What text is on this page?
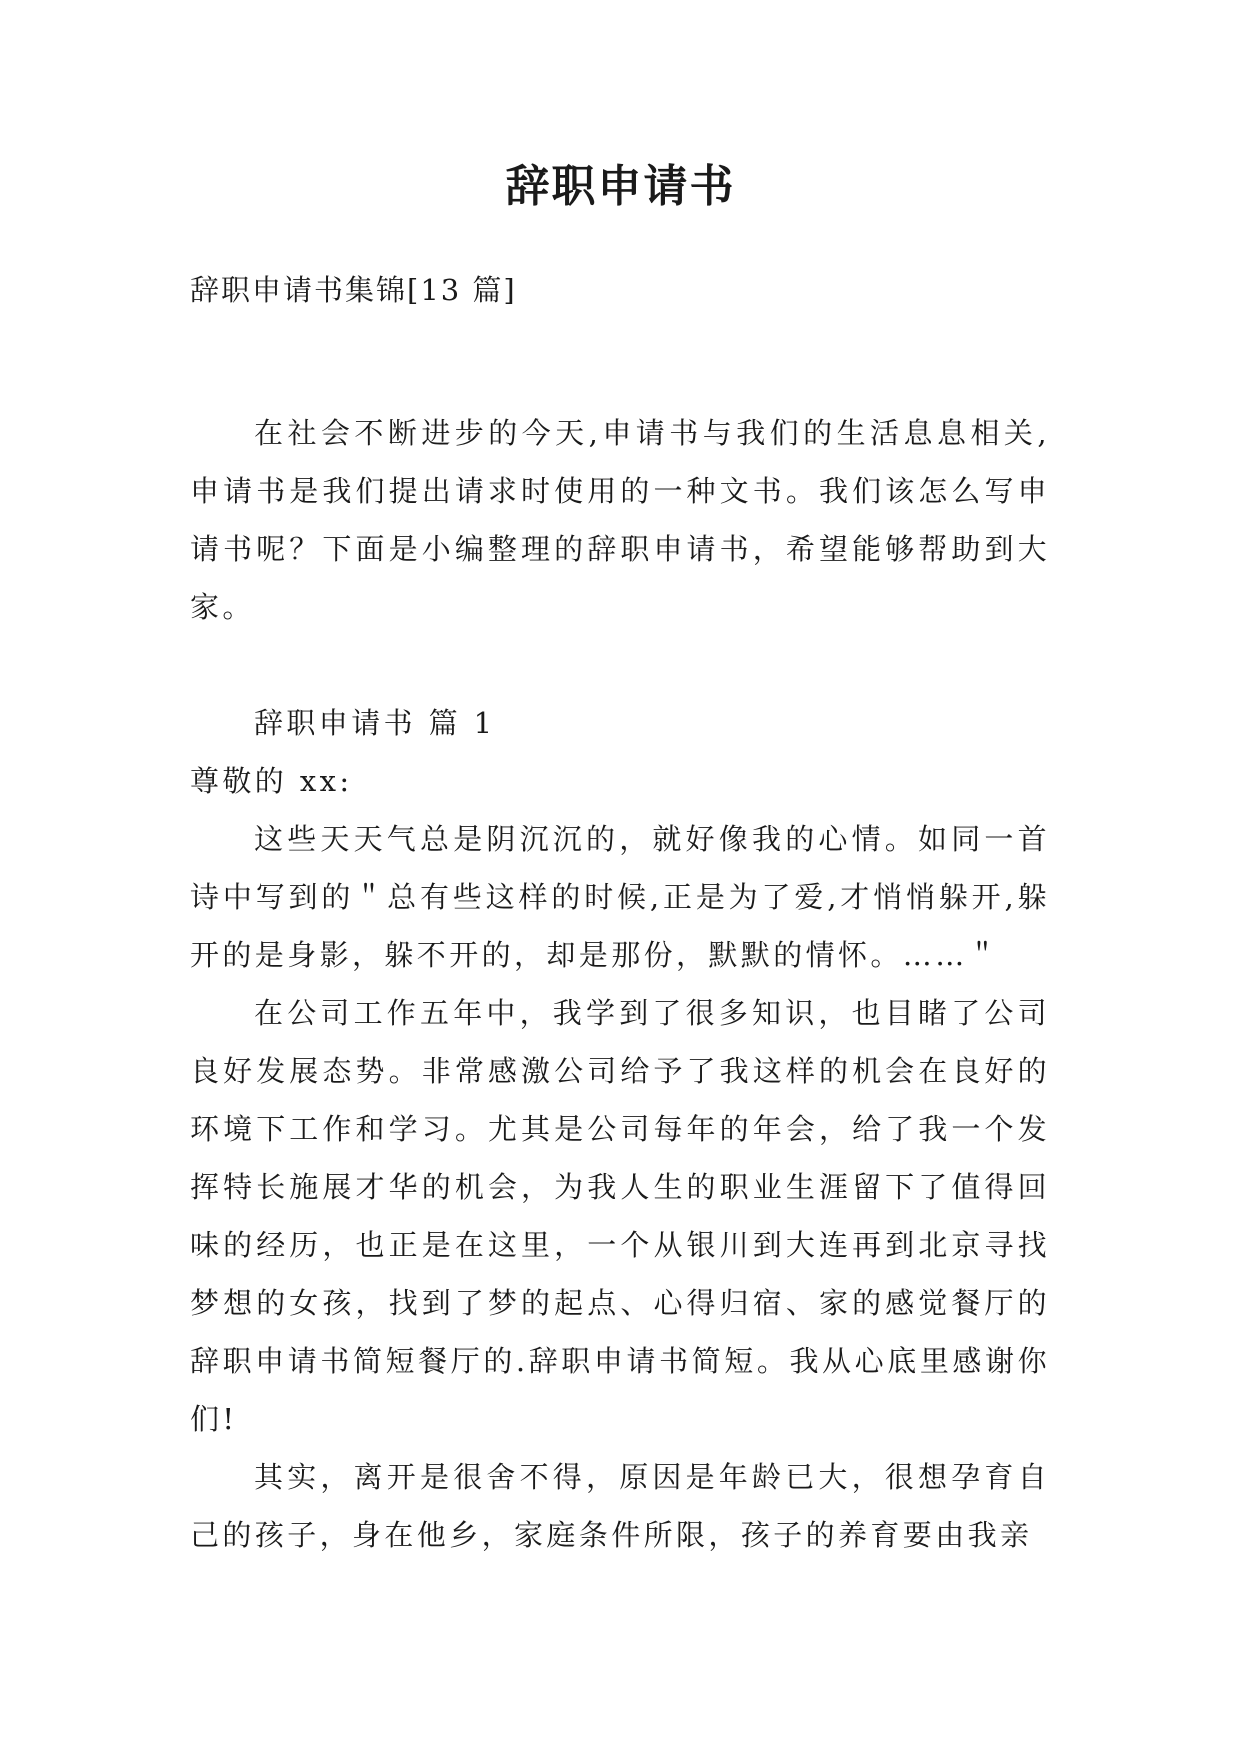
辞职申请书
辞职申请书集锦[13 篇]

在社会不断进步的今天,申请书与我们的生活息息相关,申请书是我们提出请求时使用的一种文书。我们该怎么写申请书呢？下面是小编整理的辞职申请书，希望能够帮助到大家。

辞职申请书 篇 1
尊敬的 xx:

这些天天气总是阴沉沉的，就好像我的心情。如同一首诗中写到的＂总有些这样的时候,正是为了爱,才悄悄躲开,躲开的是身影，躲不开的，却是那份，默默的情怀。……＂

在公司工作五年中，我学到了很多知识，也目睹了公司良好发展态势。非常感激公司给予了我这样的机会在良好的环境下工作和学习。尤其是公司每年的年会，给了我一个发挥特长施展才华的机会，为我人生的职业生涯留下了值得回味的经历，也正是在这里，一个从银川到大连再到北京寻找梦想的女孩，找到了梦的起点、心得归宿、家的感觉餐厅的辞职申请书简短餐厅的.辞职申请书简短。我从心底里感谢你们!

其实，离开是很舍不得，原因是年龄已大，很想孕育自己的孩子，身在他乡，家庭条件所限，孩子的养育要由我亲
